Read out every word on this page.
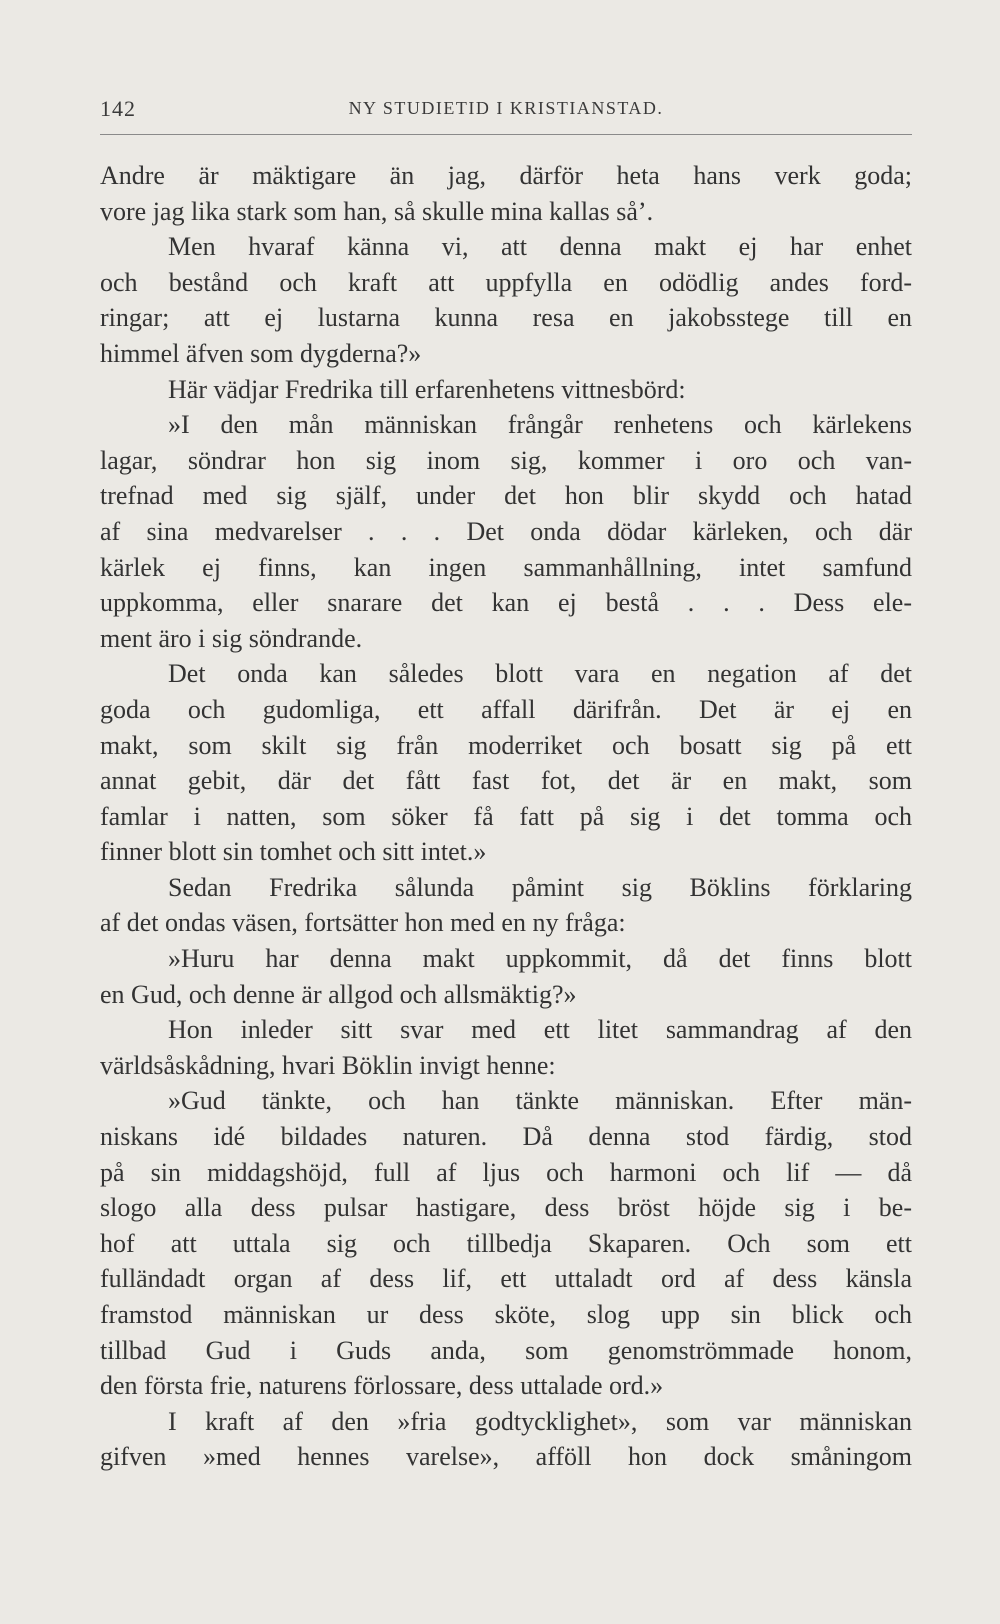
142	NY STUDIETID I KRISTIANSTAD.
Andre är mäktigare än jag, därför heta hans verk goda;
vore jag lika stark som han, så skulle mina kallas så’.
Men hvaraf känna vi, att denna makt ej har enhet
och bestånd och kraft att uppfylla en odödlig andes ford-
ringar; att ej lustarna kunna resa en jakobsstege till en
himmel äfven som dygderna?»
Här vädjar Fredrika till erfarenhetens vittnesbörd:
»I den mån människan frångår renhetens och kärlekens
lagar, söndrar hon sig inom sig, kommer i oro och van-
trefnad med sig själf, under det hon blir skydd och hatad
af sina medvarelser . . . Det onda dödar kärleken, och där
kärlek ej finns, kan ingen sammanhållning, intet samfund
uppkomma, eller snarare det kan ej bestå . . . Dess ele-
ment äro i sig söndrande.
Det onda kan således blott vara en negation af det
goda och gudomliga, ett affall därifrån. Det är ej en
makt, som skilt sig från moderriket och bosatt sig på ett
annat gebit, där det fått fast fot, det är en makt, som
famlar i natten, som söker få fatt på sig i det tomma och
finner blott sin tomhet och sitt intet.»
Sedan Fredrika sålunda påmint sig Böklins förklaring
af det ondas väsen, fortsätter hon med en ny fråga:
»Huru har denna makt uppkommit, då det finns blott
en Gud, och denne är allgod och allsmäktig?»
Hon inleder sitt svar med ett litet sammandrag af den
världsåskådning, hvari Böklin invigt henne:
»Gud tänkte, och han tänkte människan. Efter män-
niskans idé bildades naturen. Då denna stod färdig, stod
på sin middagshöjd, full af ljus och harmoni och lif — då
slogo alla dess pulsar hastigare, dess bröst höjde sig i be-
hof att uttala sig och tillbedja Skaparen. Och som ett
fulländadt organ af dess lif, ett uttaladt ord af dess känsla
framstod människan ur dess sköte, slog upp sin blick och
tillbad Gud i Guds anda, som genomströmmade honom,
den första frie, naturens förlossare, dess uttalade ord.»
I kraft af den »fria godtycklighet», som var människan
gifven »med hennes varelse», afföll hon dock småningom
